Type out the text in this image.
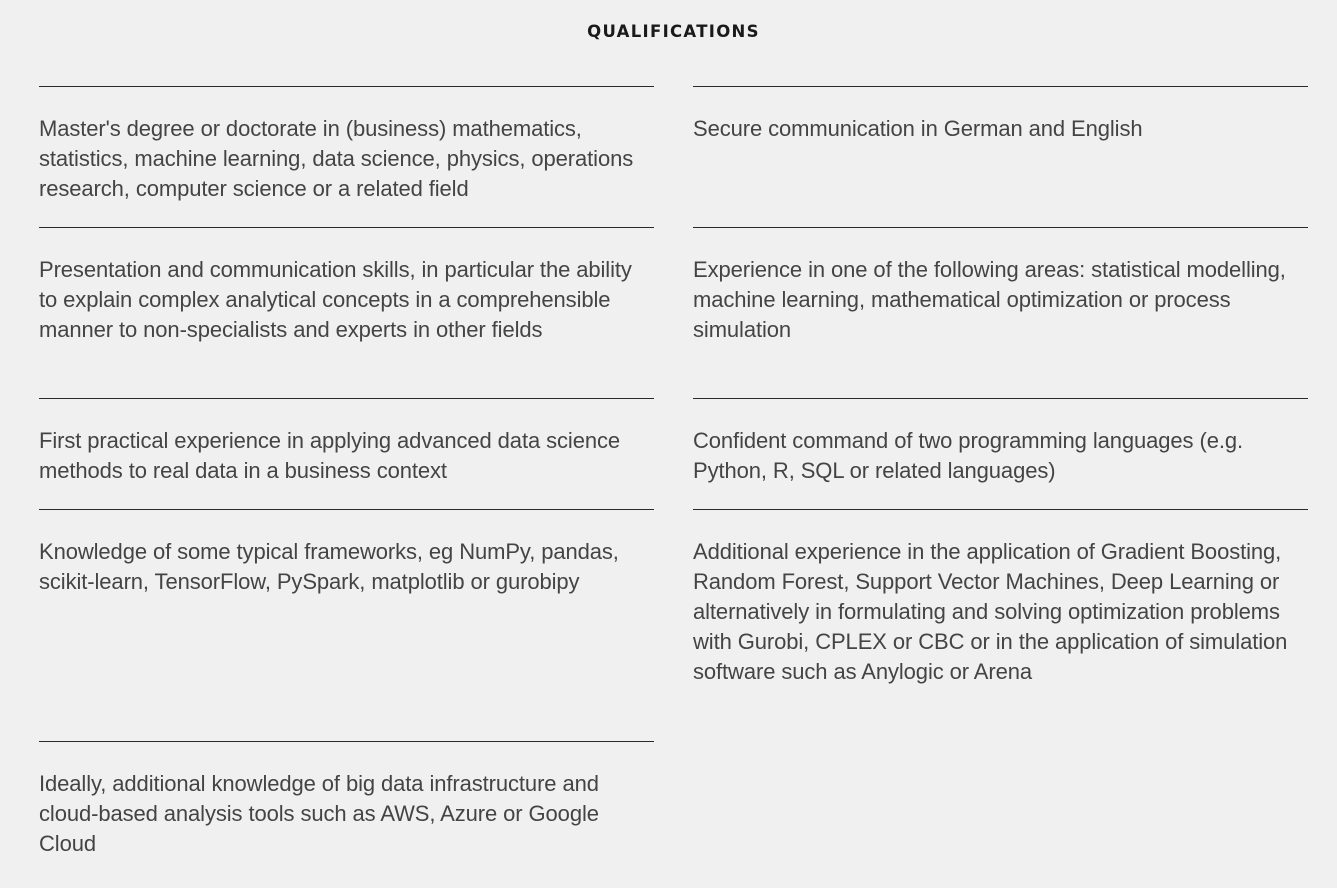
QUALIFICATIONS

Master's degree or doctorate in (business) mathematics, statistics, machine learning, data science, physics, operations research, computer science or a related field

Presentation and communication skills, in particular the ability to explain complex analytical concepts in a comprehensible manner to non-specialists and experts in other fields

First practical experience in applying advanced data science methods to real data in a business context

Knowledge of some typical frameworks, eg NumPy, pandas, scikit-learn, TensorFlow, PySpark, matplotlib or gurobipy

Ideally, additional knowledge of big data infrastructure and cloud-based analysis tools such as AWS, Azure or Google Cloud

Secure communication in German and English

Experience in one of the following areas: statistical modelling, machine learning, mathematical optimization or process simulation

Confident command of two programming languages (e.g. Python, R, SQL or related languages)

Additional experience in the application of Gradient Boosting, Random Forest, Support Vector Machines, Deep Learning or alternatively in formulating and solving optimization problems with Gurobi, CPLEX or CBC or in the application of simulation software such as Anylogic or Arena
